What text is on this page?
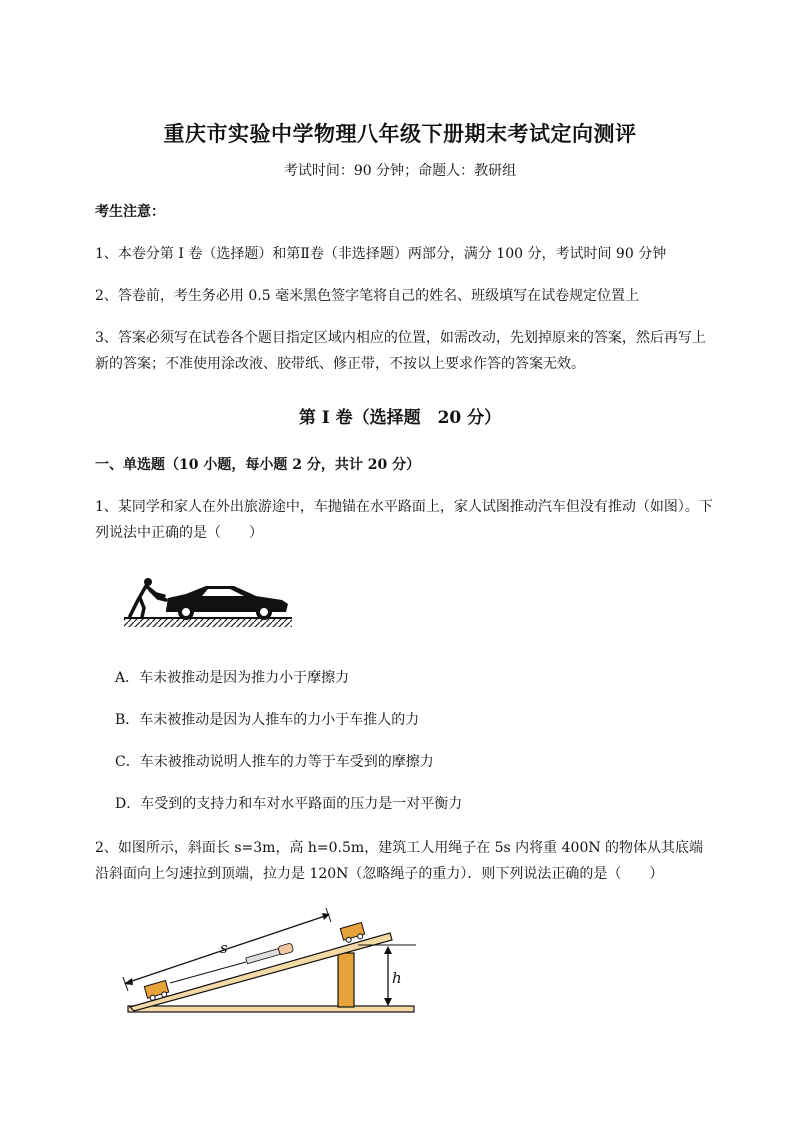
重庆市实验中学物理八年级下册期末考试定向测评
考试时间：90 分钟；命题人：教研组
考生注意：
1、本卷分第 I 卷（选择题）和第Ⅱ卷（非选择题）两部分，满分 100 分，考试时间 90 分钟
2、答卷前，考生务必用 0.5 毫米黑色签字笔将自己的姓名、班级填写在试卷规定位置上
3、答案必须写在试卷各个题目指定区域内相应的位置，如需改动，先划掉原来的答案，然后再写上新的答案；不准使用涂改液、胶带纸、修正带，不按以上要求作答的答案无效。
第 I 卷（选择题　20 分）
一、单选题（10 小题，每小题 2 分，共计 20 分）
1、某同学和家人在外出旅游途中，车抛锚在水平路面上，家人试图推动汽车但没有推动（如图）。下列说法中正确的是（　　）
A．车未被推动是因为推力小于摩擦力
B．车未被推动是因为人推车的力小于车推人的力
C．车未被推动说明人推车的力等于车受到的摩擦力
D．车受到的支持力和车对水平路面的压力是一对平衡力
2、如图所示，斜面长 s=3m，高 h=0.5m，建筑工人用绳子在 5s 内将重 400N 的物体从其底端沿斜面向上匀速拉到顶端，拉力是 120N（忽略绳子的重力）．则下列说法正确的是（　　）
s
h
